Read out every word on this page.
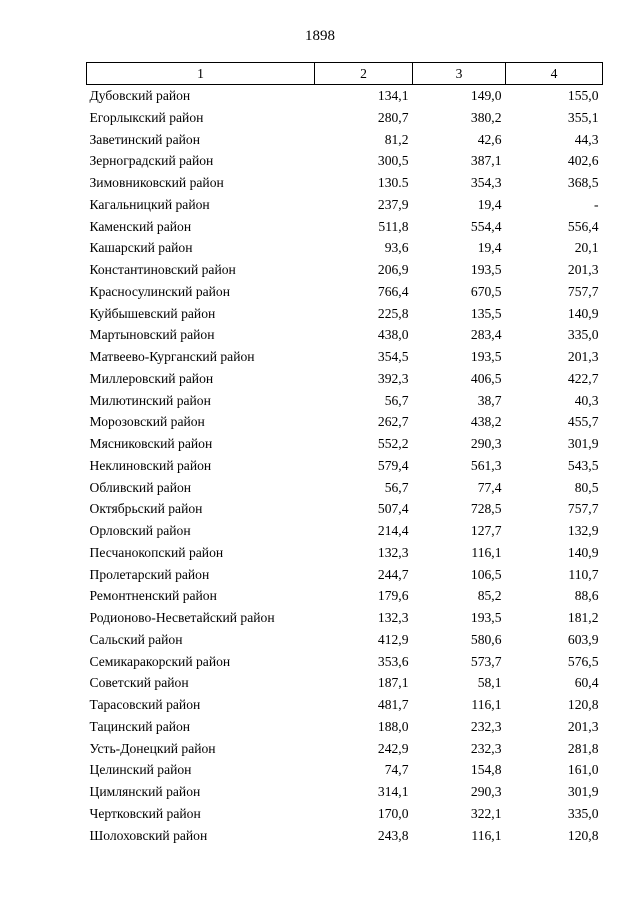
1898
1	2	3	4
Дубовский район	134,1	149,0	155,0
Егорлыкский район	280,7	380,2	355,1
Заветинский район	81,2	42,6	44,3
Зерноградский район	300,5	387,1	402,6
Зимовниковский район	130.5	354,3	368,5
Кагальницкий район	237,9	19,4	-
Каменский район	511,8	554,4	556,4
Кашарский район	93,6	19,4	20,1
Константиновский район	206,9	193,5	201,3
Красносулинский район	766,4	670,5	757,7
Куйбышевский район	225,8	135,5	140,9
Мартыновский район	438,0	283,4	335,0
Матвеево-Курганский район	354,5	193,5	201,3
Миллеровский район	392,3	406,5	422,7
Милютинский район	56,7	38,7	40,3
Морозовский район	262,7	438,2	455,7
Мясниковский район	552,2	290,3	301,9
Неклиновский район	579,4	561,3	543,5
Обливский район	56,7	77,4	80,5
Октябрьский район	507,4	728,5	757,7
Орловский район	214,4	127,7	132,9
Песчанокопский район	132,3	116,1	140,9
Пролетарский район	244,7	106,5	110,7
Ремонтненский район	179,6	85,2	88,6
Родионово-Несветайский район	132,3	193,5	181,2
Сальский район	412,9	580,6	603,9
Семикаракорский район	353,6	573,7	576,5
Советский район	187,1	58,1	60,4
Тарасовский район	481,7	116,1	120,8
Тацинский район	188,0	232,3	201,3
Усть-Донецкий район	242,9	232,3	281,8
Целинский район	74,7	154,8	161,0
Цимлянский район	314,1	290,3	301,9
Чертковский район	170,0	322,1	335,0
Шолоховский район	243,8	116,1	120,8
